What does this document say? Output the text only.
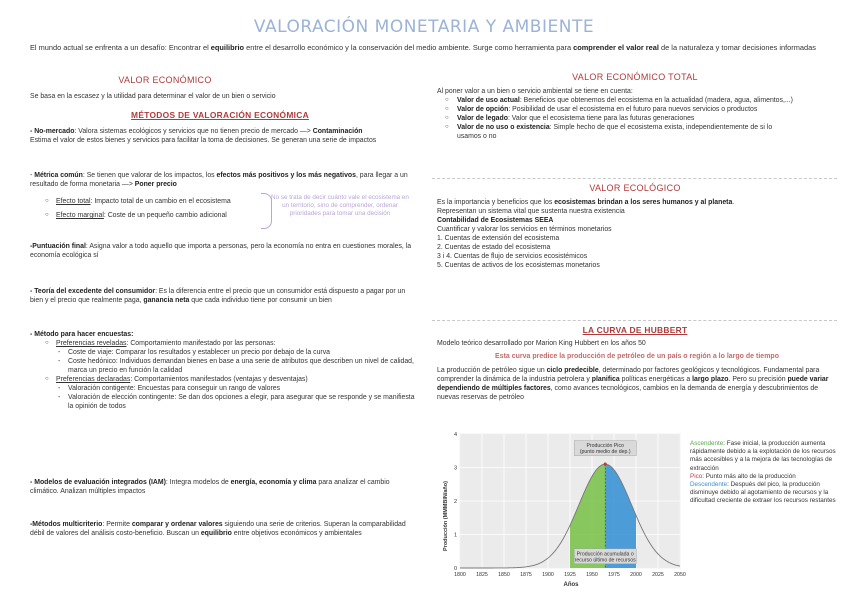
VALORACIÓN MONETARIA Y AMBIENTE
El mundo actual se enfrenta a un desafío: Encontrar el equilibrio entre el desarrollo económico y la conservación del medio ambiente. Surge como herramienta para comprender el valor real de la naturaleza y tomar decisiones informadas
VALOR ECONÓMICO
Se basa en la escasez y la utilidad para determinar el valor de un bien o servicio
MÉTODOS DE VALORACIÓN ECONÓMICA
- No-mercado: Valora sistemas ecológicos y servicios que no tienen precio de mercado —> Contaminación
Estima el valor de estos bienes y servicios para facilitar la toma de decisiones. Se generan una serie de impactos
- Métrica común: Se tienen que valorar de los impactos, los efectos más positivos y los más negativos, para llegar a un resultado de forma monetaria —> Poner precio
○ Efecto total: Impacto total de un cambio en el ecosistema
○ Efecto marginal: Coste de un pequeño cambio adicional
No se trata de decir cuánto vale el ecosistema en un territorio, sino de comprender, ordenar prioridades para tomar una decisión
-Puntuación final: Asigna valor a todo aquello que importa a personas, pero la economía no entra en cuestiones morales, la economía ecológica sí
- Teoría del excedente del consumidor: Es la diferencia entre el precio que un consumidor está dispuesto a pagar por un bien y el precio que realmente paga, ganancia neta que cada individuo tiene por consumir un bien
- Método para hacer encuestas:
○ Preferencias reveladas: Comportamiento manifestado por las personas:
- Coste de viaje: Comparar los resultados y establecer un precio por debajo de la curva
- Coste hedónico: Individuos demandan bienes en base a una serie de atributos que describen un nivel de calidad, marca un precio en función la calidad
○ Preferencias declaradas: Comportamientos manifestados (ventajas y desventajas)
- Valoración contigente: Encuestas para conseguir un rango de valores
- Valoración de elección contingente: Se dan dos opciones a elegir, para asegurar que se responde y se manifiesta la opinión de todos
- Modelos de evaluación integrados (IAM): Integra modelos de energía, economía y clima para analizar el cambio climático. Analizan múltiples impactos
-Métodos multicriterio: Permite comparar y ordenar valores siguiendo una serie de criterios. Superan la comparabilidad débil de valores del análisis costo-beneficio. Buscan un equilibrio entre objetivos económicos y ambientales
VALOR ECONÓMICO TOTAL
Al poner valor a un bien o servicio ambiental se tiene en cuenta:
○ Valor de uso actual: Beneficios que obtenemos del ecosistema en la actualidad (madera, agua, alimentos,...)
○ Valor de opción: Posibilidad de usar el ecosistema en el futuro para nuevos servicios o productos
○ Valor de legado: Valor que el ecosistema tiene para las futuras generaciones
○ Valor de no uso o existencia: Simple hecho de que el ecosistema exista, independientemente de si lo usamos o no
VALOR ECOLÓGICO
Es la importancia y beneficios que los ecosistemas brindan a los seres humanos y al planeta.
Representan un sistema vital que sustenta nuestra existencia
Contabilidad de Ecosistemas SEEA
Cuantificar y valorar los servicios en términos monetarios
1. Cuentas de extensión del ecosistema
2. Cuentas de estado del ecosistema
3 i 4. Cuentas de flujo de servicios ecosistémicos
5. Cuentas de activos de los ecosistemas monetarios
LA CURVA DE HUBBERT
Modelo teórico desarrollado por Marion King Hubbert en los años 50
Esta curva predice la producción de petróleo de un país o región a lo largo de tiempo
La producción de petróleo sigue un ciclo predecible, determinado por factores geológicos y tecnológicos. Fundamental para comprender la dinámica de la industria petrolera y planifica políticas energéticas a largo plazo. Pero su precisión puede variar dependiendo de múltiples factores, como avances tecnológicos, cambios en la demanda de energía y descubrimientos de nuevas reservas de petróleo
0
1
2
3
4
1800 1825 1850 1875 1900 1925 1950 1975 2000 2025 2050
Producción Pico
(punto medio de dep.)
Producción acumulada o
recurso último de recursos
Producción (MMMBIN/año)
Años
Ascendente: Fase inicial, la producción aumenta rápidamente debido a la explotación de los recursos más accesibles y a la mejora de las tecnologías de extracción
Pico: Punto más alto de la producción
Descendente: Después del pico, la producción disminuye debido al agotamiento de recursos y la dificultad creciente de extraer los recursos restantes
